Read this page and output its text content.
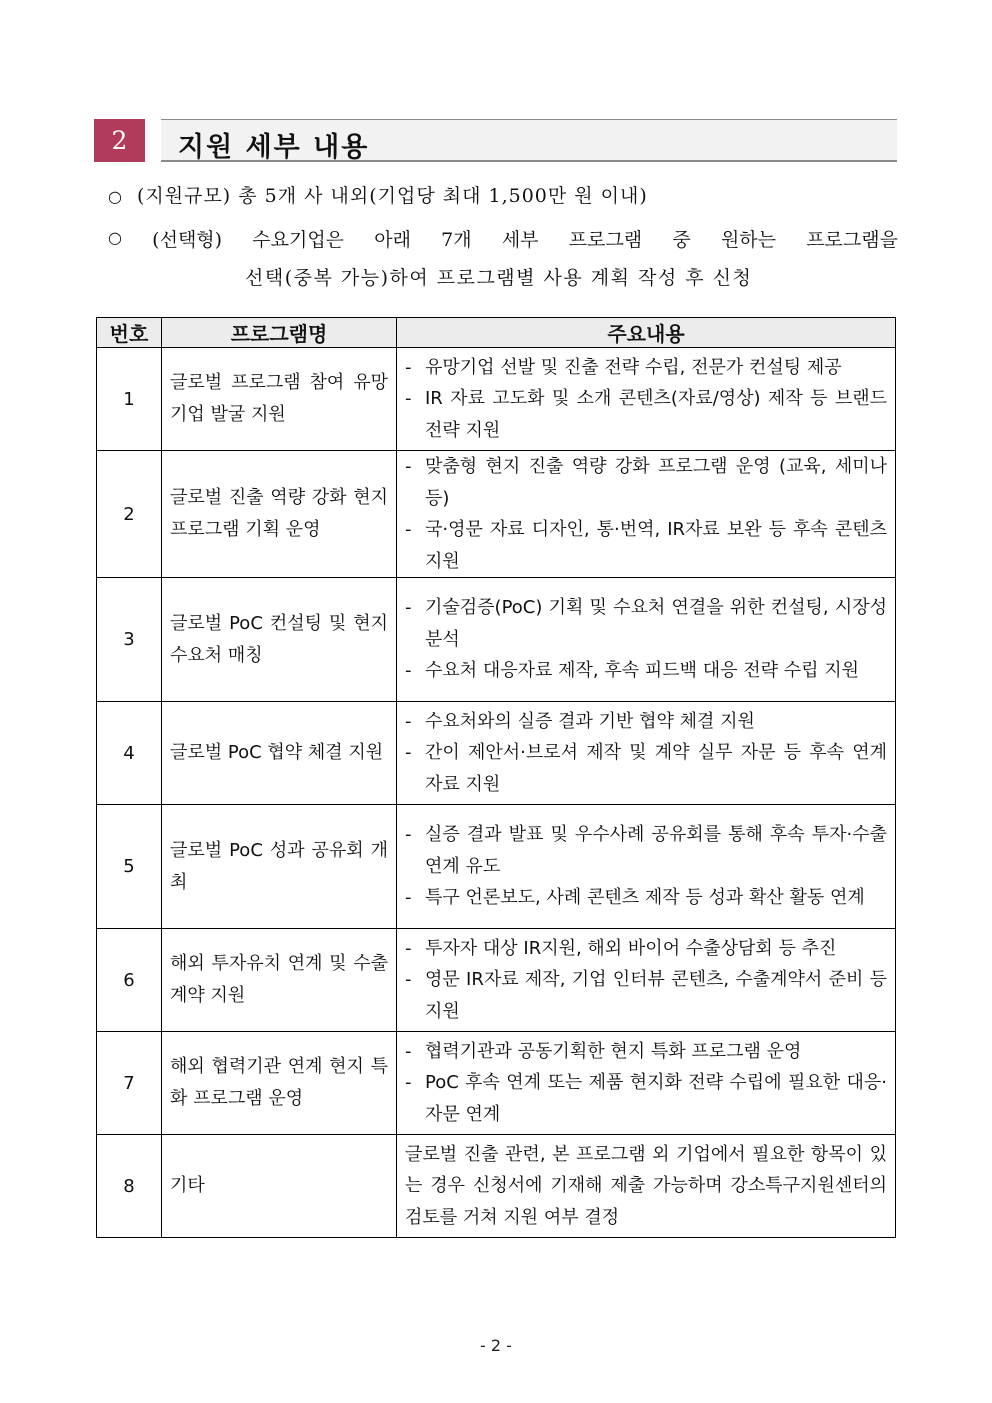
2	지원 세부 내용
○ (지원규모) 총 5개 사 내외(기업당 최대 1,500만 원 이내)
○ (선택형) 수요기업은 아래 7개 세부 프로그램 중 원하는 프로그램을
선택(중복 가능)하여 프로그램별 사용 계획 작성 후 신청
번호	프로그램명	주요내용
1	글로벌 프로그램 참여 유망기업 발굴 지원	- 유망기업 선발 및 진출 전략 수립, 전문가 컨설팅 제공
- IR 자료 고도화 및 소개 콘텐츠(자료/영상) 제작 등 브랜드 전략 지원

2	글로벌 진출 역량 강화 현지 프로그램 기획 운영	- 맞춤형 현지 진출 역량 강화 프로그램 운영 (교육, 세미나 등)
- 국·영문 자료 디자인, 통·번역, IR자료 보완 등 후속 콘텐츠 지원

3	글로벌 PoC 컨설팅 및 현지 수요처 매칭	- 기술검증(PoC) 기획 및 수요처 연결을 위한 컨설팅, 시장성 분석
- 수요처 대응자료 제작, 후속 피드백 대응 전략 수립 지원

4	글로벌 PoC 협약 체결 지원	- 수요처와의 실증 결과 기반 협약 체결 지원
- 간이 제안서·브로셔 제작 및 계약 실무 자문 등 후속 연계 자료 지원

5	글로벌 PoC 성과 공유회 개최	- 실증 결과 발표 및 우수사례 공유회를 통해 후속 투자·수출 연계 유도
- 특구 언론보도, 사례 콘텐츠 제작 등 성과 확산 활동 연계

6	해외 투자유치 연계 및 수출계약 지원	- 투자자 대상 IR지원, 해외 바이어 수출상담회 등 추진
- 영문 IR자료 제작, 기업 인터뷰 콘텐츠, 수출계약서 준비 등 지원

7	해외 협력기관 연계 현지 특화 프로그램 운영	- 협력기관과 공동기획한 현지 특화 프로그램 운영
- PoC 후속 연계 또는 제품 현지화 전략 수립에 필요한 대응·자문 연계

8	기타	글로벌 진출 관련, 본 프로그램 외 기업에서 필요한 항목이 있는 경우 신청서에 기재해 제출 가능하며 강소특구지원센터의 검토를 거쳐 지원 여부 결정
- 2 -
